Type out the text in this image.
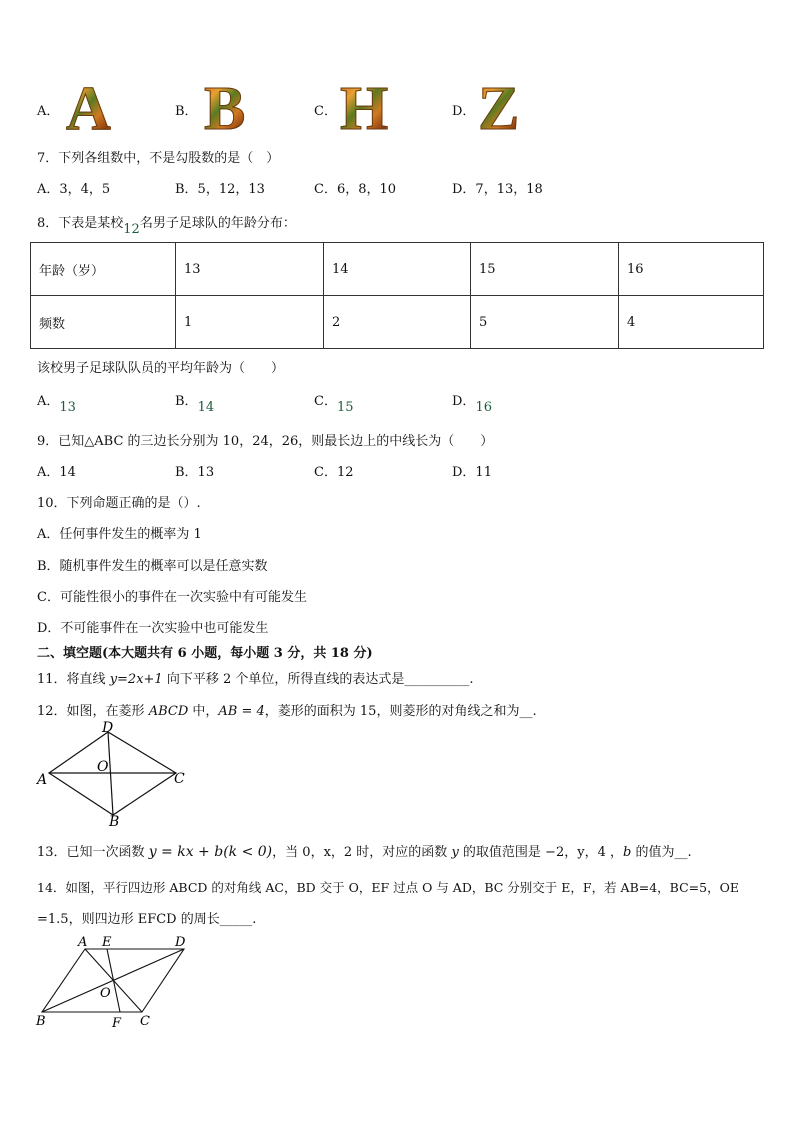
A． A	B． B	C． H	D． Z
7．下列各组数中，不是勾股数的是（　）
A．3，4，5	B．5，12，13	C．6，8，10	D．7，13，18
8．下表是某校12名男子足球队的年龄分布：
年龄（岁）	13	14	15	16
频数	1	2	5	4
该校男子足球队队员的平均年龄为（　　）
A．13	B．14	C．15	D．16
9．已知△ABC 的三边长分别为 10，24，26，则最长边上的中线长为（　　）
A．14	B．13	C．12	D．11
10．下列命题正确的是（）.
A．任何事件发生的概率为 1
B．随机事件发生的概率可以是任意实数
C．可能性很小的事件在一次实验中有可能发生
D．不可能事件在一次实验中也可能发生
二、填空题(本大题共有 6 小题，每小题 3 分，共 18 分)
11．将直线 y=2x+1 向下平移 2 个单位，所得直线的表达式是__________.
12．如图，在菱形 ABCD 中，AB = 4，菱形的面积为 15，则菱形的对角线之和为__.
A
D
C
B
O
13．已知一次函数 y = kx + b(k < 0)，当 0，x，2 时，对应的函数 y 的取值范围是 −2，y，4 ，b 的值为__.
14．如图，平行四边形 ABCD 的对角线 AC，BD 交于 O，EF 过点 O 与 AD，BC 分别交于 E，F，若 AB=4，BC=5，OE
=1.5，则四边形 EFCD 的周长_____.
A E	D
O
B	F C
